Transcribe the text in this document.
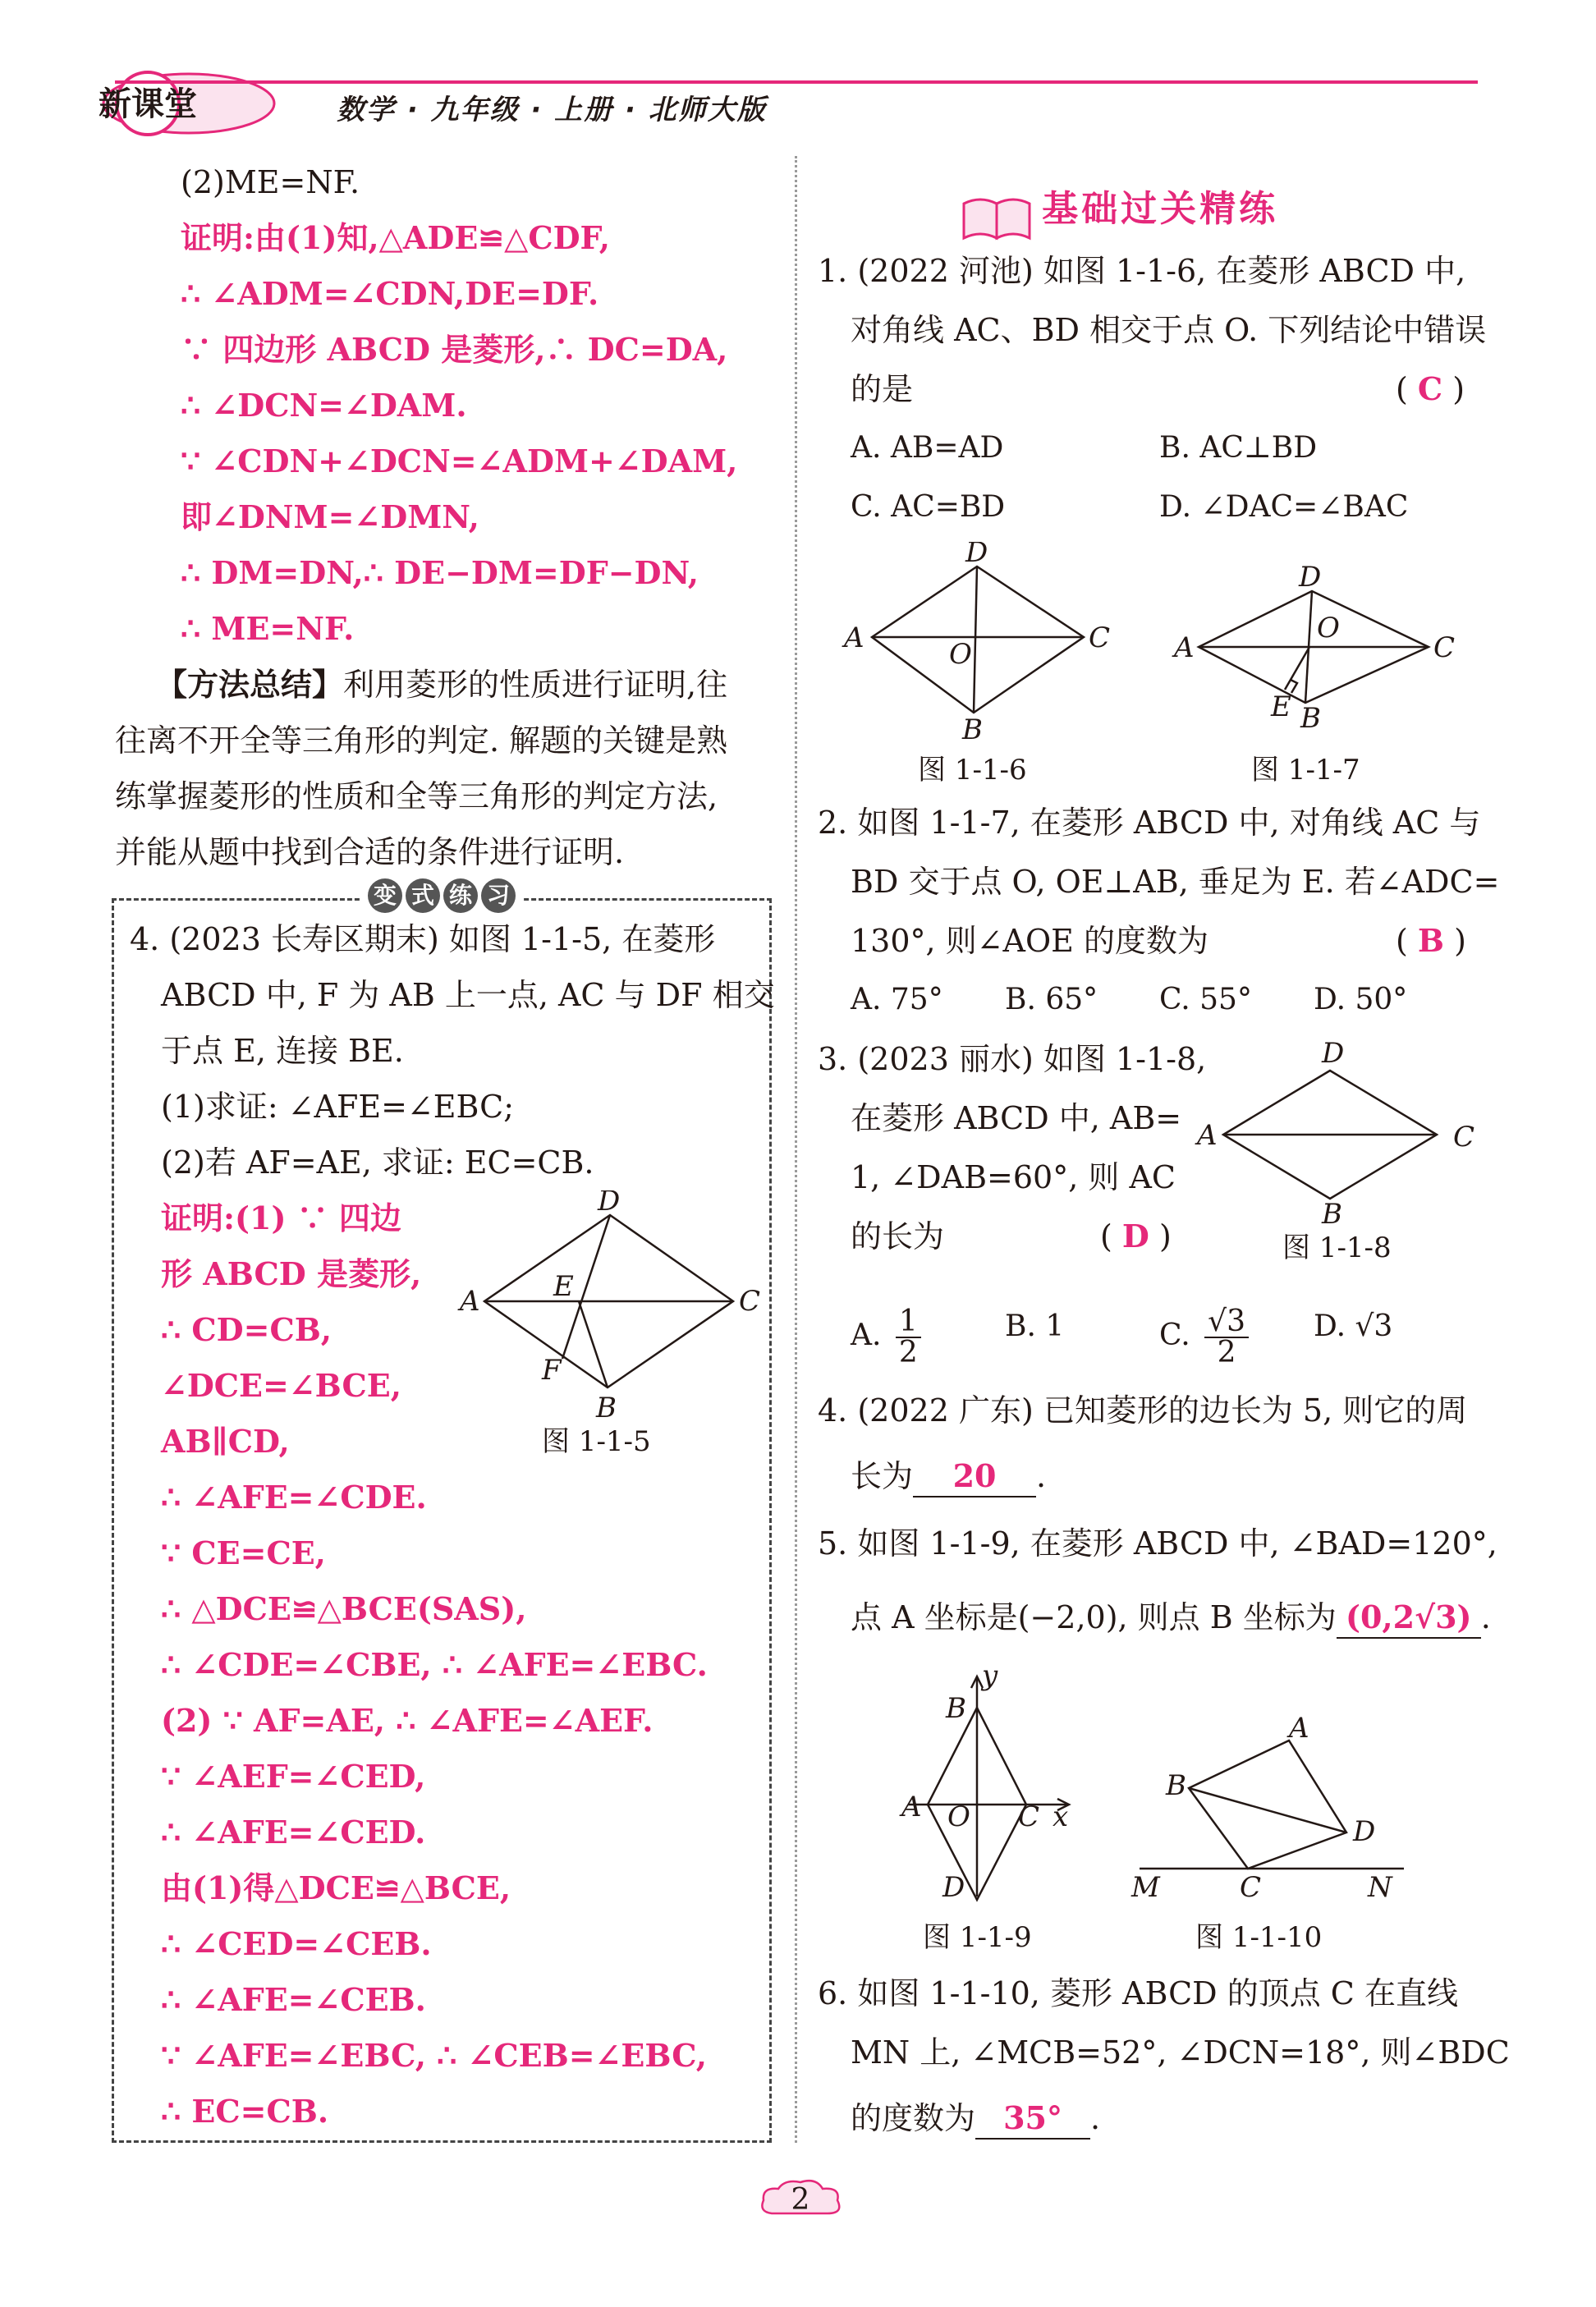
新课堂	数学 · 九年级 · 上册 · 北师大版
(2)ME=NF.
证明:由(1)知,△ADE≌△CDF,
∴ ∠ADM=∠CDN,DE=DF.
∵ 四边形 ABCD 是菱形,∴ DC=DA,
∴ ∠DCN=∠DAM.
∵ ∠CDN+∠DCN=∠ADM+∠DAM,
即∠DNM=∠DMN,
∴ DM=DN,∴ DE−DM=DF−DN,
∴ ME=NF.
【方法总结】利用菱形的性质进行证明,往
往离不开全等三角形的判定. 解题的关键是熟
练掌握菱形的性质和全等三角形的判定方法,
并能从题中找到合适的条件进行证明.
变 式 练 习
4. (2023 长寿区期末) 如图 1-1-5, 在菱形
ABCD 中, F 为 AB 上一点, AC 与 DF 相交
于点 E, 连接 BE.
(1)求证: ∠AFE=∠EBC;
(2)若 AF=AE, 求证: EC=CB.
证明:(1) ∵ 四边
形 ABCD 是菱形,
∴ CD=CB,
∠DCE=∠BCE,
AB∥CD,
∴ ∠AFE=∠CDE.
∵ CE=CE,
∴ △DCE≌△BCE(SAS),
∴ ∠CDE=∠CBE, ∴ ∠AFE=∠EBC.
(2) ∵ AF=AE, ∴ ∠AFE=∠AEF.
∵ ∠AEF=∠CED,
∴ ∠AFE=∠CED.
由(1)得△DCE≌△BCE,
∴ ∠CED=∠CEB.
∴ ∠AFE=∠CEB.
∵ ∠AFE=∠EBC, ∴ ∠CEB=∠EBC,
∴ EC=CB.
D
A	E	C
F
B
图 1-1-5
基础过关精练
1. (2022 河池) 如图 1-1-6, 在菱形 ABCD 中,
对角线 AC、BD 相交于点 O. 下列结论中错误
的是	( C )
A. AB=AD	B. AC⊥BD
C. AC=BD	D. ∠DAC=∠BAC
D
A	O	C
B
图 1-1-6
D
O
A	C
E B
图 1-1-7
2. 如图 1-1-7, 在菱形 ABCD 中, 对角线 AC 与
BD 交于点 O, OE⊥AB, 垂足为 E. 若∠ADC=
130°, 则∠AOE 的度数为	( B )
A. 75° B. 65° C. 55° D. 50°
3. (2023 丽水) 如图 1-1-8,
在菱形 ABCD 中, AB=
1, ∠DAB=60°, 则 AC
的长为	( D )
D
A	C
B
图 1-1-8
A. $\frac{1}{2}$	B. 1	C. $\frac{√3}{2} D$. √3
4. (2022 广东) 已知菱形的边长为 5, 则它的周
长为 20 .
5. 如图 1-1-9, 在菱形 ABCD 中, ∠BAD=120°,
点 A 坐标是(−2,0), 则点 B 坐标为 (0,2√3) .
y
B
A O C x
D
图 1-1-9
A
B
D
M	C	N
图 1-1-10
6. 如图 1-1-10, 菱形 ABCD 的顶点 C 在直线
MN 上, ∠MCB=52°, ∠DCN=18°, 则∠BDC
的度数为 35° .
2
